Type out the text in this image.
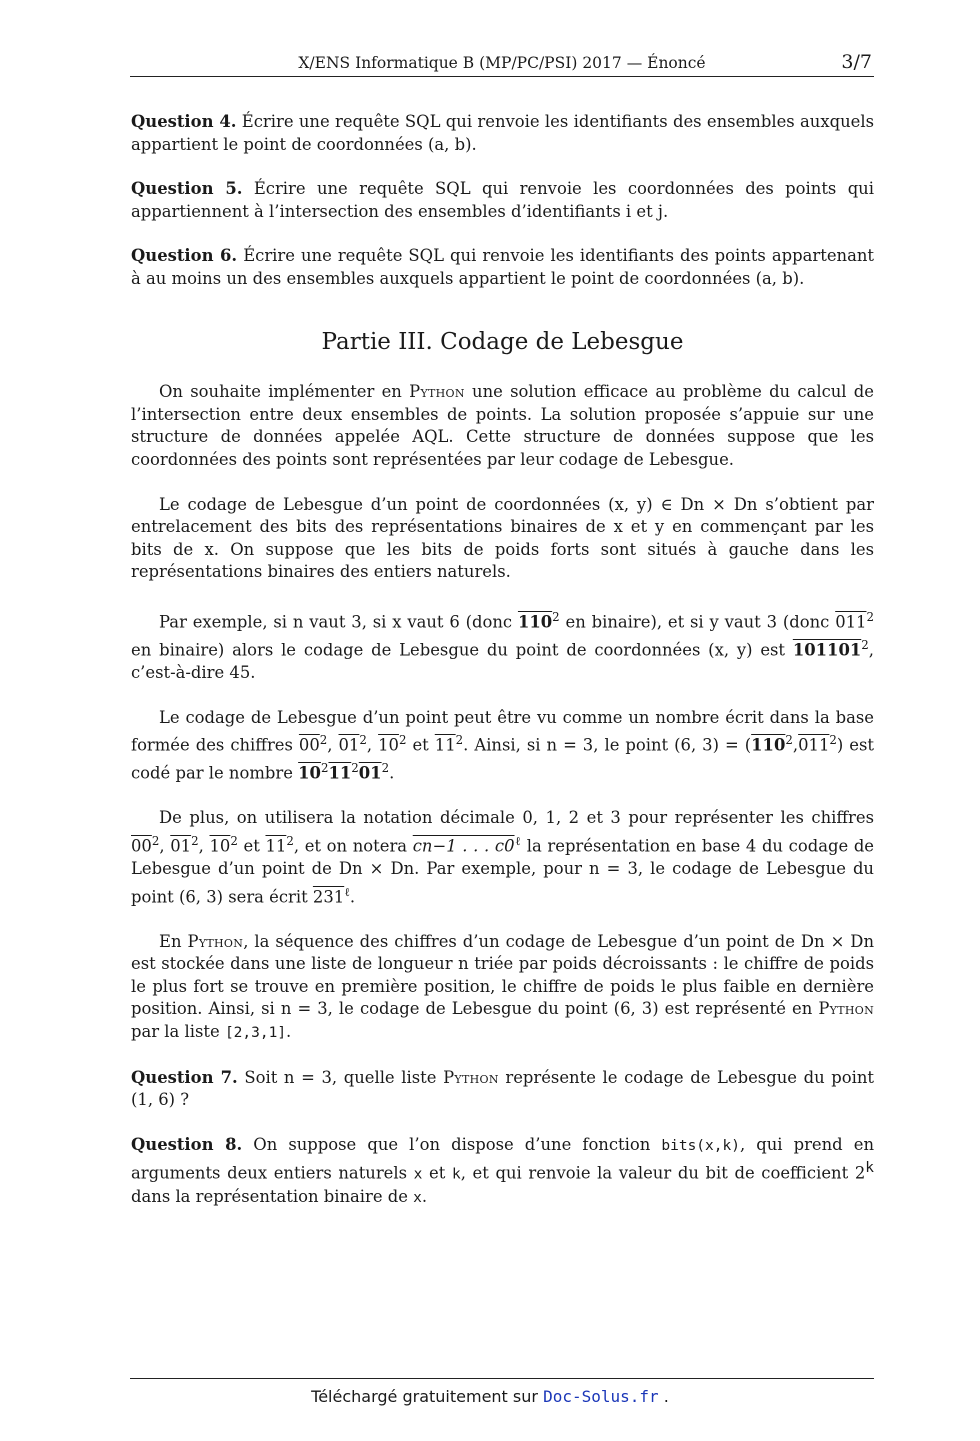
X/ENS Informatique B (MP/PC/PSI) 2017 — Énoncé	3/7
Question 4. Écrire une requête SQL qui renvoie les identifiants des ensembles auxquels appartient le point de coordonnées (a, b).
Question 5. Écrire une requête SQL qui renvoie les coordonnées des points qui appartiennent à l’intersection des ensembles d’identifiants i et j.
Question 6. Écrire une requête SQL qui renvoie les identifiants des points appartenant à au moins un des ensembles auxquels appartient le point de coordonnées (a, b).
Partie III. Codage de Lebesgue
On souhaite implémenter en Python une solution efficace au problème du calcul de l’intersection entre deux ensembles de points. La solution proposée s’appuie sur une structure de données appelée AQL. Cette structure de données suppose que les coordonnées des points sont représentées par leur codage de Lebesgue.
Le codage de Lebesgue d’un point de coordonnées (x, y) ∈ Dn × Dn s’obtient par entrelacement des bits des représentations binaires de x et y en commençant par les bits de x. On suppose que les bits de poids forts sont situés à gauche dans les représentations binaires des entiers naturels.
Par exemple, si n vaut 3, si x vaut 6 (donc $110^2$ en binaire), et si y vaut 3 (donc $011^2$ en binaire) alors le codage de Lebesgue du point de coordonnées (x, y) est 101101$^2$, c’est-à-dire 45.
Le codage de Lebesgue d’un point peut être vu comme un nombre écrit dans la base formée des chiffres $00^2$, $01^2$, $10^2$ et $11^2$. Ainsi, si n = 3, le point (6, $3) = (110^2,011^2)$ est codé par le nombre $10^211^201^2$.
De plus, on utilisera la notation décimale 0, 1, 2 et 3 pour représenter les chiffres $00^2$, $01^2$, $10^2$ et $11^2$, et on notera cn−1 . . . $c0^\ell$ la représentation en base 4 du codage de Lebesgue d’un point de Dn × Dn. Par exemple, pour n = 3, le codage de Lebesgue du point (6, 3) sera écrit $231^\ell$.
En Python, la séquence des chiffres d’un codage de Lebesgue d’un point de Dn × Dn est stockée dans une liste de longueur n triée par poids décroissants : le chiffre de poids le plus fort se trouve en première position, le chiffre de poids le plus faible en dernière position. Ainsi, si n = 3, le codage de Lebesgue du point (6, 3) est représenté en Python par la liste [2,3,1].
Question 7. Soit n = 3, quelle liste Python représente le codage de Lebesgue du point (1, 6) ?
Question 8. On suppose que l’on dispose d’une fonction bits(x,k), qui prend en arguments deux entiers naturels x et k, et qui renvoie la valeur du bit de coefficient 2$^k$ dans la représentation binaire de x.
Téléchargé gratuitement sur Doc-Solus.fr .
